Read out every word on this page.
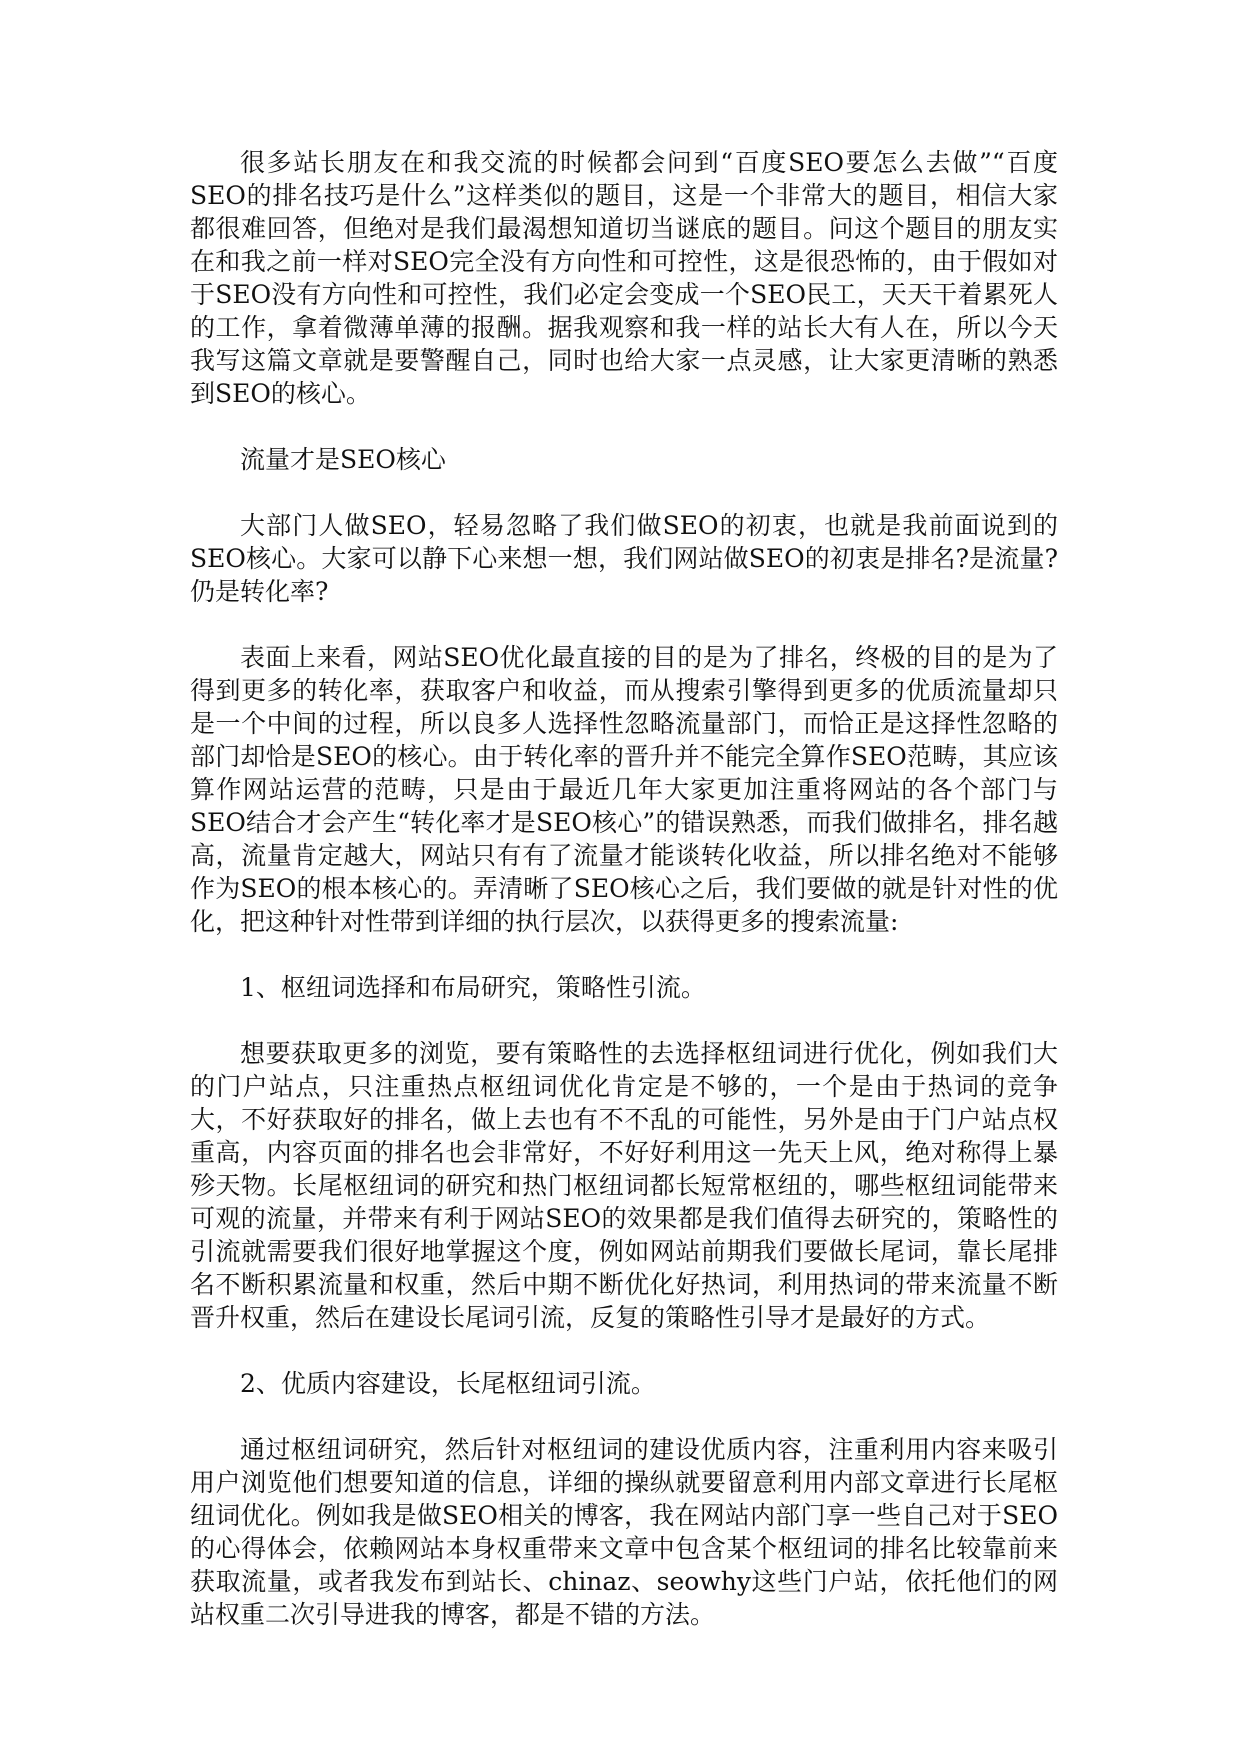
很多站长朋友在和我交流的时候都会问到“百度SEO要怎么去做”“百度SEO的排名技巧是什么”这样类似的题目，这是一个非常大的题目，相信大家都很难回答，但绝对是我们最渴想知道切当谜底的题目。问这个题目的朋友实在和我之前一样对SEO完全没有方向性和可控性，这是很恐怖的，由于假如对于SEO没有方向性和可控性，我们必定会变成一个SEO民工，天天干着累死人的工作，拿着微薄单薄的报酬。据我观察和我一样的站长大有人在，所以今天我写这篇文章就是要警醒自己，同时也给大家一点灵感，让大家更清晰的熟悉到SEO的核心。

流量才是SEO核心

大部门人做SEO，轻易忽略了我们做SEO的初衷，也就是我前面说到的SEO核心。大家可以静下心来想一想，我们网站做SEO的初衷是排名?是流量?仍是转化率?

表面上来看，网站SEO优化最直接的目的是为了排名，终极的目的是为了得到更多的转化率，获取客户和收益，而从搜索引擎得到更多的优质流量却只是一个中间的过程，所以良多人选择性忽略流量部门，而恰正是这择性忽略的部门却恰是SEO的核心。由于转化率的晋升并不能完全算作SEO范畴，其应该算作网站运营的范畴，只是由于最近几年大家更加注重将网站的各个部门与SEO结合才会产生“转化率才是SEO核心”的错误熟悉，而我们做排名，排名越高，流量肯定越大，网站只有有了流量才能谈转化收益，所以排名绝对不能够作为SEO的根本核心的。弄清晰了SEO核心之后，我们要做的就是针对性的优化，把这种针对性带到详细的执行层次，以获得更多的搜索流量:

1、枢纽词选择和布局研究，策略性引流。

想要获取更多的浏览，要有策略性的去选择枢纽词进行优化，例如我们大的门户站点，只注重热点枢纽词优化肯定是不够的，一个是由于热词的竞争大，不好获取好的排名，做上去也有不不乱的可能性，另外是由于门户站点权重高，内容页面的排名也会非常好，不好好利用这一先天上风，绝对称得上暴殄天物。长尾枢纽词的研究和热门枢纽词都长短常枢纽的，哪些枢纽词能带来可观的流量，并带来有利于网站SEO的效果都是我们值得去研究的，策略性的引流就需要我们很好地掌握这个度，例如网站前期我们要做长尾词，靠长尾排名不断积累流量和权重，然后中期不断优化好热词，利用热词的带来流量不断晋升权重，然后在建设长尾词引流，反复的策略性引导才是最好的方式。

2、优质内容建设，长尾枢纽词引流。

通过枢纽词研究，然后针对枢纽词的建设优质内容，注重利用内容来吸引用户浏览他们想要知道的信息，详细的操纵就要留意利用内部文章进行长尾枢纽词优化。例如我是做SEO相关的博客，我在网站内部门享一些自己对于SEO的心得体会，依赖网站本身权重带来文章中包含某个枢纽词的排名比较靠前来获取流量，或者我发布到站长、chinaz、seowhy这些门户站，依托他们的网站权重二次引导进我的博客，都是不错的方法。
